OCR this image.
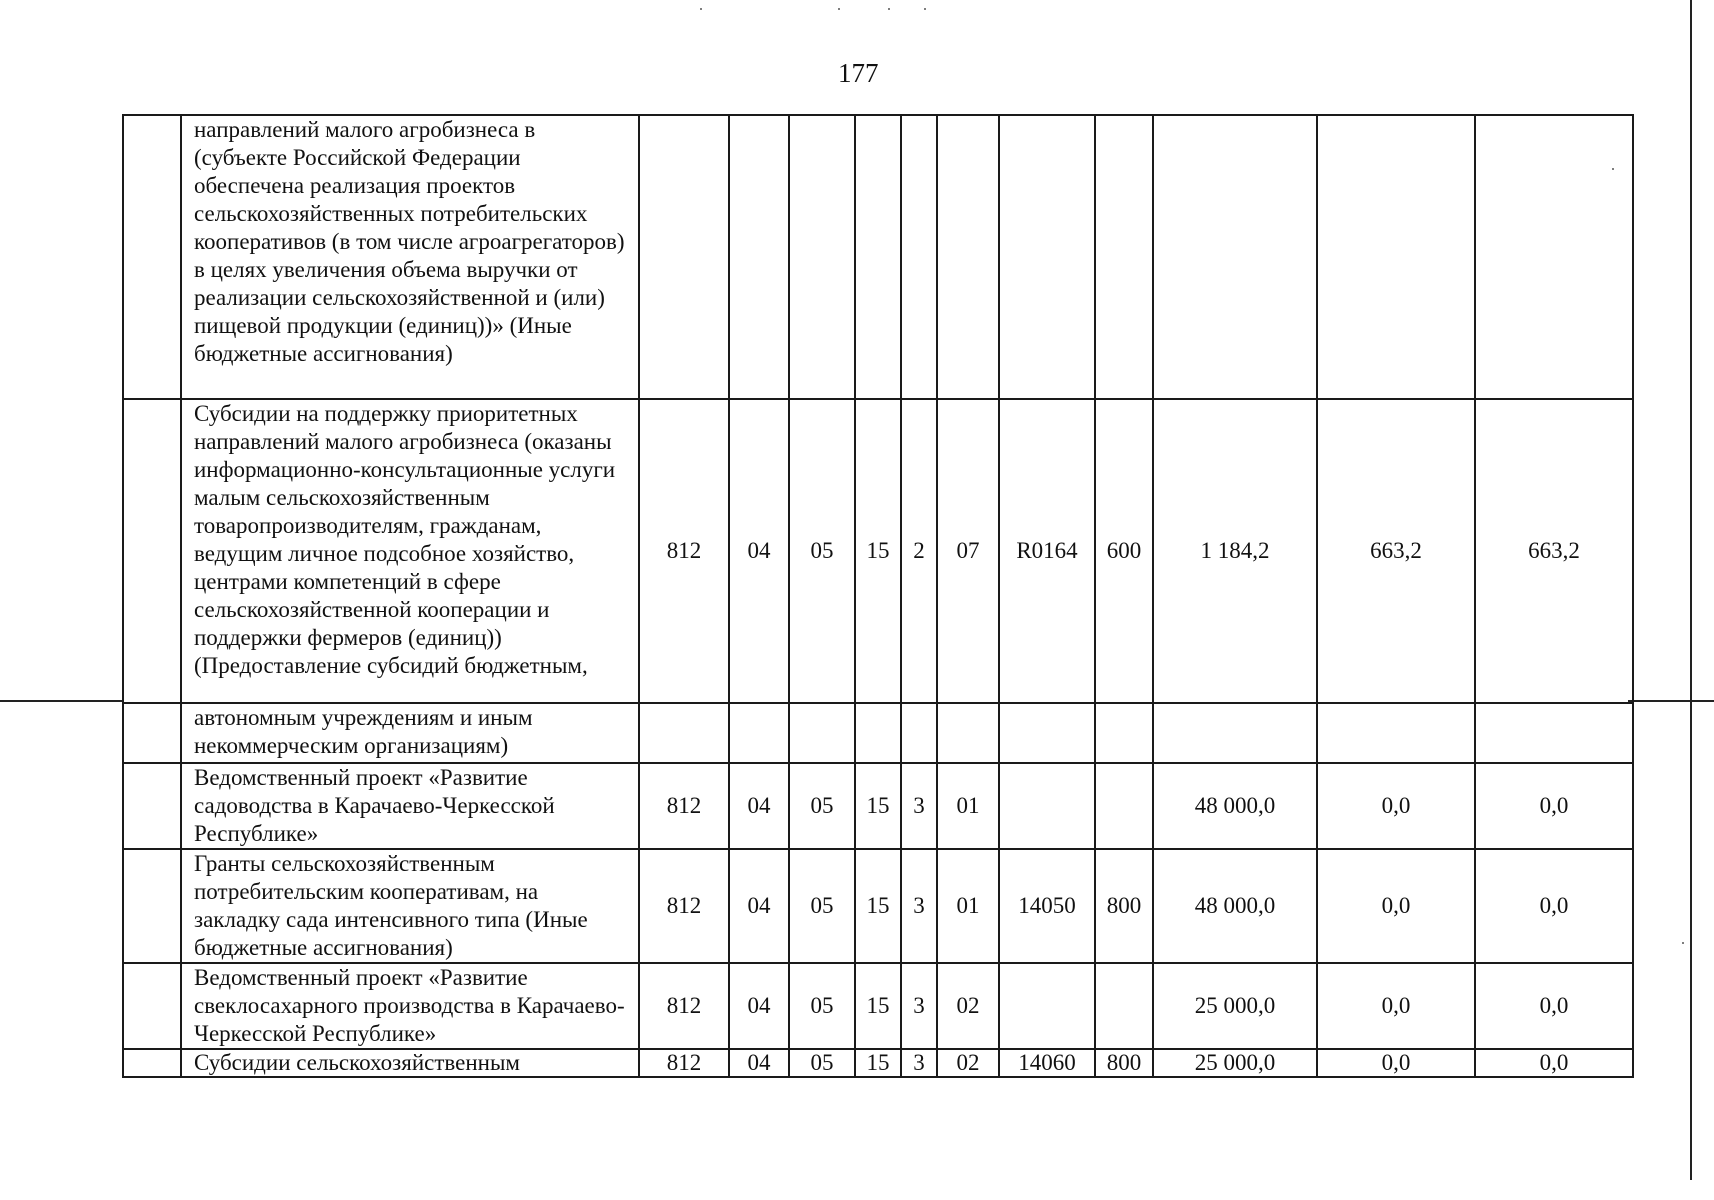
177
	направлений малого агробизнеса в (субъекте Российской Федерации обеспечена реализация проектов сельскохозяйственных потребительских кооперативов (в том числе агроагрегаторов) в целях увеличения объема выручки от реализации сельскохозяйственной и (или) пищевой продукции (единиц))» (Иные бюджетные ассигнования)											
	Субсидии на поддержку приоритетных направлений малого агробизнеса (оказаны информационно-консультационные услуги малым сельскохозяйственным товаропроизводителям, гражданам, ведущим личное подсобное хозяйство, центрами компетенций в сфере сельскохозяйственной кооперации и поддержки фермеров (единиц)) (Предоставление субсидий бюджетным,	812	04	05	15	2	07	R0164	600	1 184,2	663,2	663,2
	автономным учреждениям и иным некоммерческим организациям)											
	Ведомственный проект «Развитие садоводства в Карачаево-Черкесской Республике»	812	04	05	15	3	01			48 000,0	0,0	0,0
	Гранты сельскохозяйственным потребительским кооперативам, на закладку сада интенсивного типа (Иные бюджетные ассигнования)	812	04	05	15	3	01	14050	800	48 000,0	0,0	0,0
	Ведомственный проект «Развитие свеклосахарного производства в Карачаево-Черкесской Республике»	812	04	05	15	3	02			25 000,0	0,0	0,0
	Субсидии сельскохозяйственным	812	04	05	15	3	02	14060	800	25 000,0	0,0	0,0
